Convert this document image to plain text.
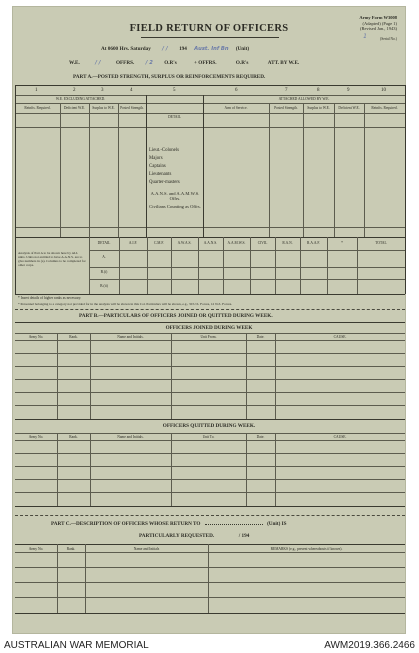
Army Form W3008
(Adapted) (Page 1)
(Revised Jan., 1943)
(Serial No.)
1
FIELD RETURN OF OFFICERS
At 0600 Hrs. Saturday / / 194 Aust. Inf Bn (Unit)
W.E.	/ /	OFFRS. / 2 O.R's	+ OFFRS.	O.R's	ATT. BY W.E.
PART A.—POSTED STRENGTH, SURPLUS OR REINFORCEMENTS REQUIRED.
1	2	3	4	5	6	7	8	9	10
W.E. EXCLUDING ATTACHED.	ATTACHED ALLOWED BY W.E.
Reinfts. Required.	Deficient W.E.	Surplus to W.E.	Posted Strength.
DETAIL
Arm of Service.	Posted Strength.	Surplus to W.E.	Deficient W.E.	Reinfts. Required.
Lieut.-Colonels
Majors
Captains
Lieutenants
Quarter-masters
A.A.N.S. and A.A.M.W.S. Offrs.
Civilians Counting as Offrs.
Analysis of Part A to be shown here by ALL units. Units not entitled to have A.A.N.S. are to give numbers in (a). Columns to be completed for other corps.
DETAIL	A.I.F.	C.M.F.	A.W.A.S.	A.A.N.S.	A.A.M.W.S.	CIVIL	R.A.N.	R.A.A.F.	*	TOTAL
A.
B.(i)
B.(ii)
* Insert details of higher ranks as necessary.
* Personnel belonging to a category not provided for in the analysis will be shown in this Col. Particulars will be shown, e.g., 30 U.S. Forces, 12 N.Z. Forces.
PART B.—PARTICULARS OF OFFICERS JOINED OR QUITTED DURING WEEK.
OFFICERS JOINED DURING WEEK
Army No.	Rank.	Name and Initials.	Unit From.	Date.	CAUSE.
OFFICERS QUITTED DURING WEEK.
Army No.	Rank.	Name and Initials.	Unit To.	Date.	CAUSE.
PART C.—DESCRIPTION OF OFFICERS WHOSE RETURN TO	(Unit) IS
PARTICULARLY REQUESTED.	/ 194
Army No.	Rank.	Name and Initials	REMARKS (e.g., present whereabouts if known).
AUSTRALIAN WAR MEMORIAL	AWM2019.366.2466
